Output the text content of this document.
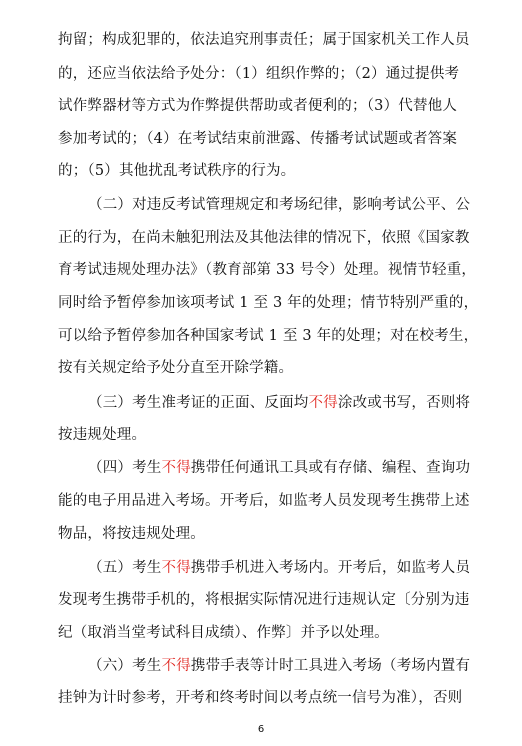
拘留；构成犯罪的，依法追究刑事责任；属于国家机关工作人员
的，还应当依法给予处分：（1）组织作弊的；（2）通过提供考
试作弊器材等方式为作弊提供帮助或者便利的；（3）代替他人
参加考试的；（4）在考试结束前泄露、传播考试试题或者答案
的；（5）其他扰乱考试秩序的行为。
（二）对违反考试管理规定和考场纪律，影响考试公平、公
正的行为，在尚未触犯刑法及其他法律的情况下，依照《国家教
育考试违规处理办法》（教育部第 33 号令）处理。视情节轻重，
同时给予暂停参加该项考试 1 至 3 年的处理；情节特别严重的，
可以给予暂停参加各种国家考试 1 至 3 年的处理；对在校考生，
按有关规定给予处分直至开除学籍。
（三）考生准考证的正面、反面均不得涂改或书写，否则将
按违规处理。
（四）考生不得携带任何通讯工具或有存储、编程、查询功
能的电子用品进入考场。开考后，如监考人员发现考生携带上述
物品，将按违规处理。
（五）考生不得携带手机进入考场内。开考后，如监考人员
发现考生携带手机的，将根据实际情况进行违规认定〔分别为违
纪（取消当堂考试科目成绩）、作弊〕并予以处理。
（六）考生不得携带手表等计时工具进入考场（考场内置有
挂钟为计时参考，开考和终考时间以考点统一信号为准），否则
6
